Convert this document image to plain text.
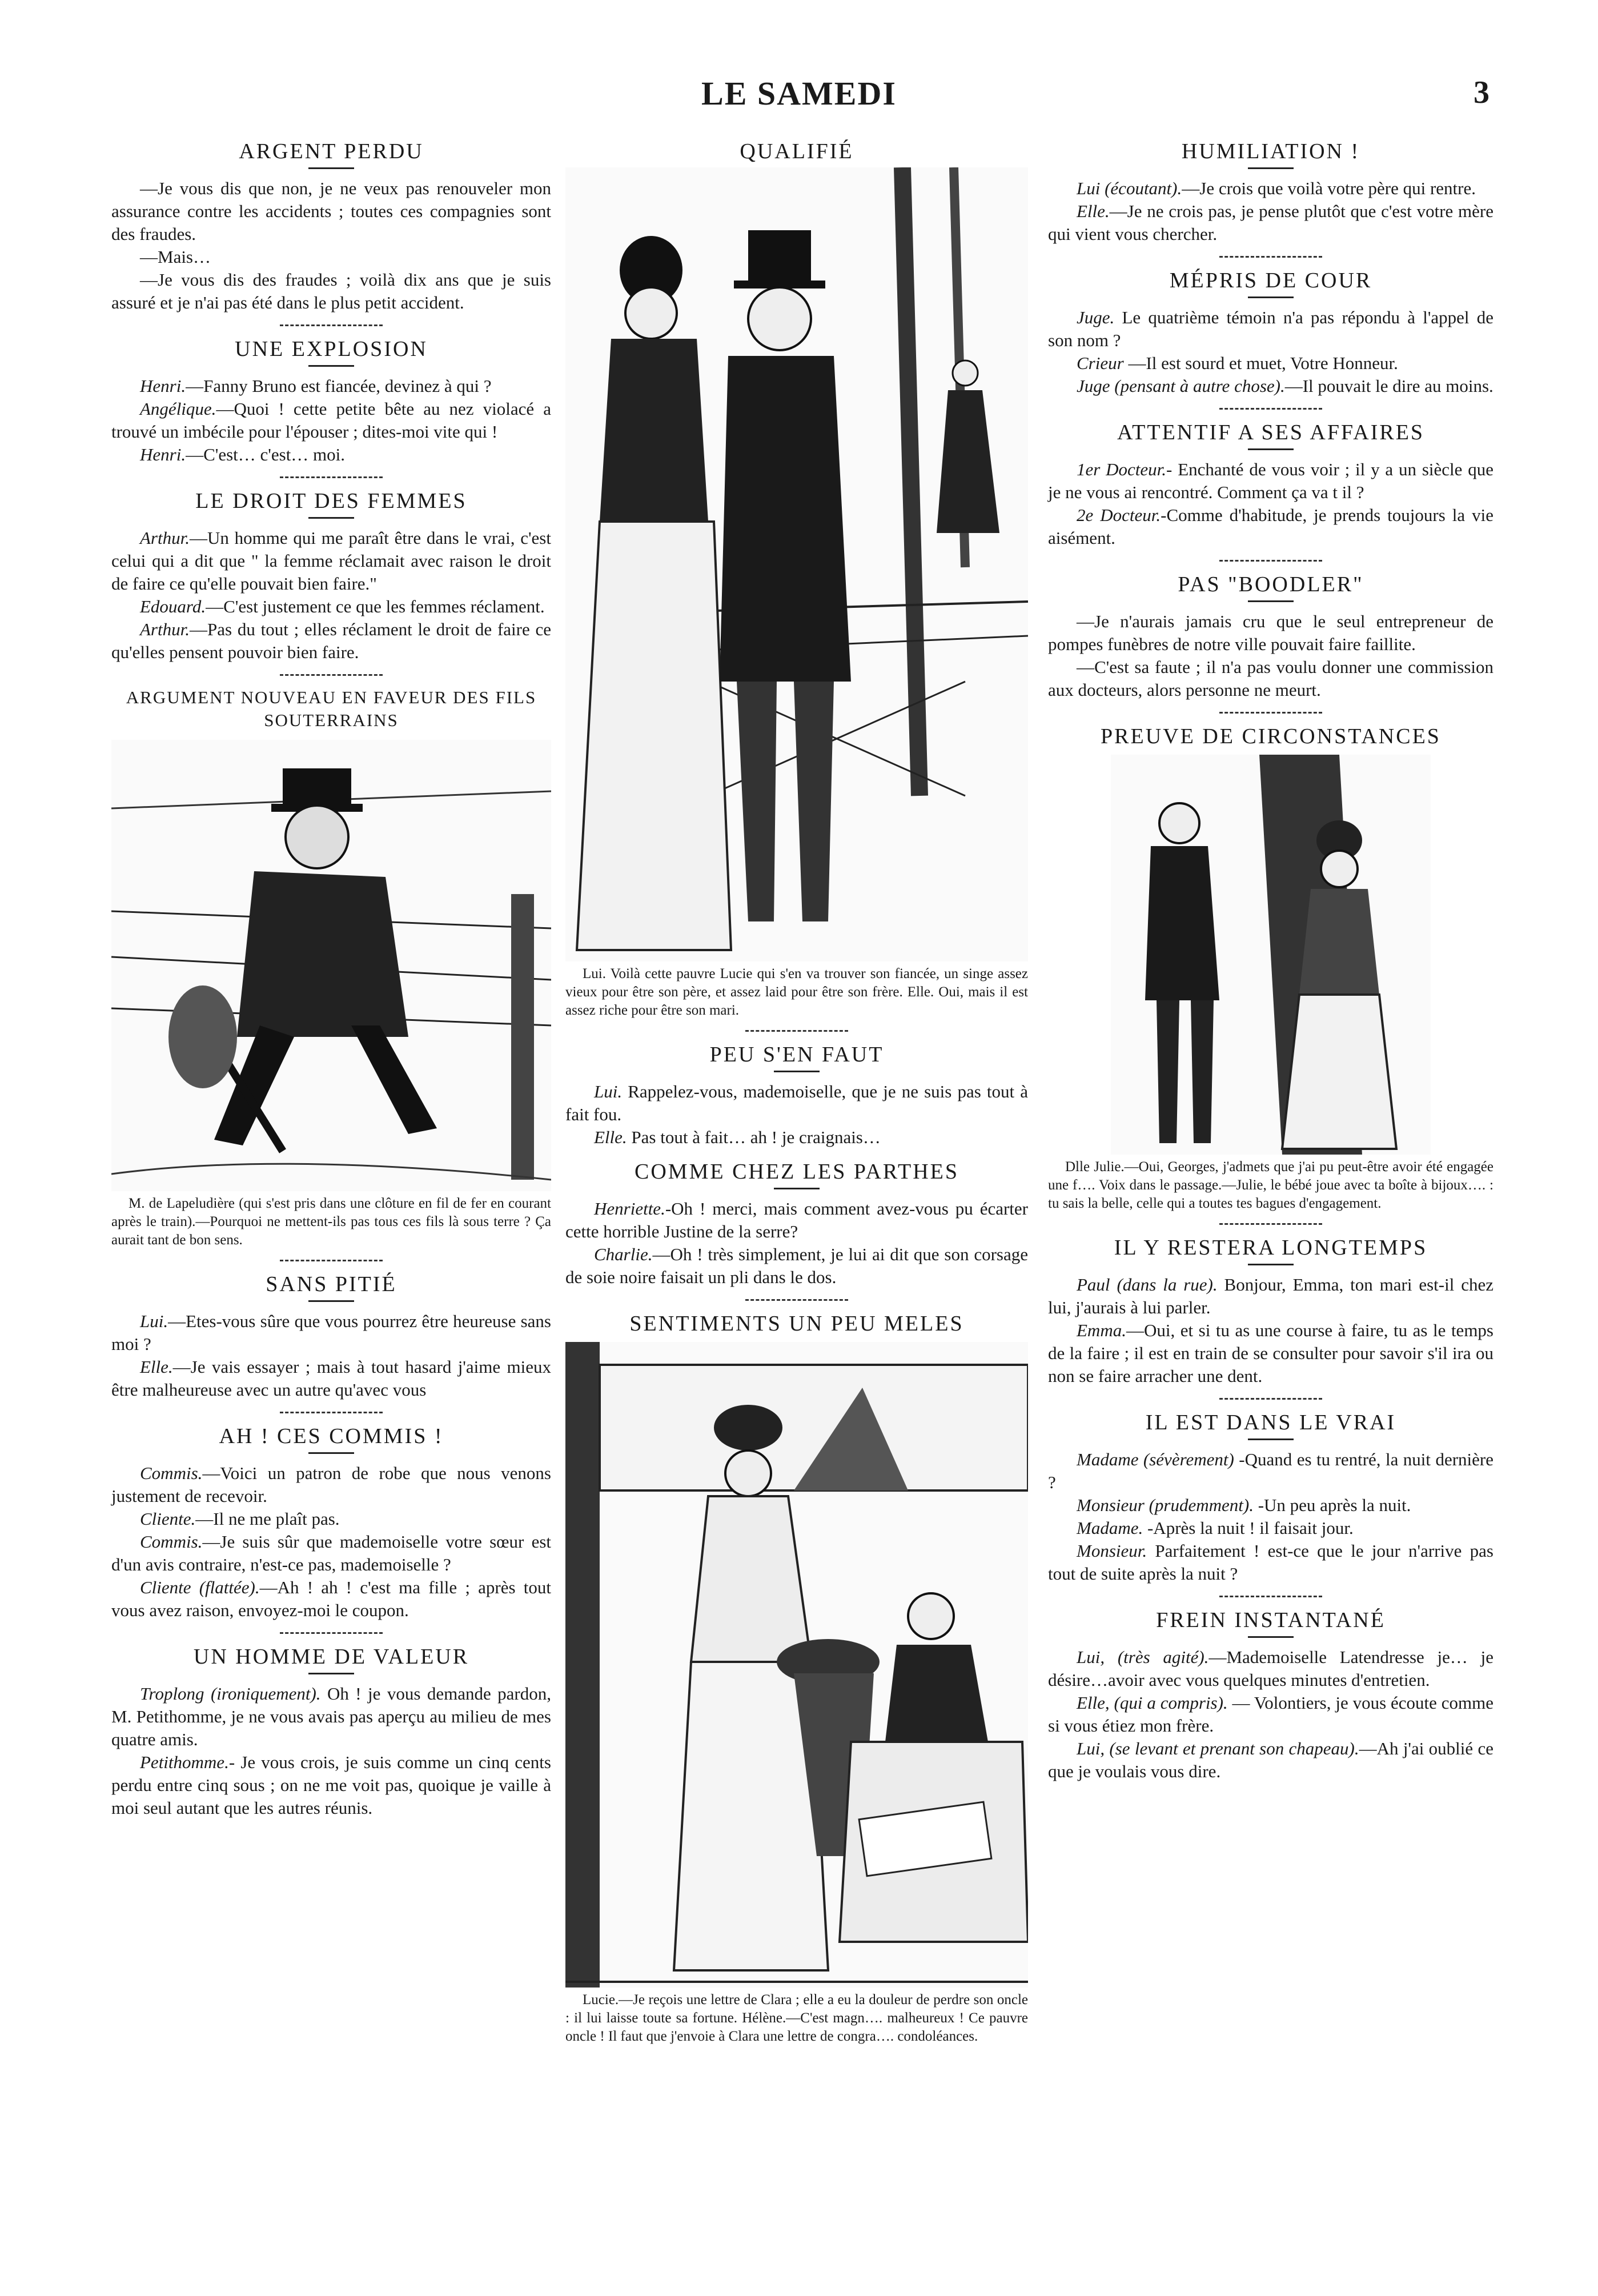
LE SAMEDI	3
ARGENT PERDU

—Je vous dis que non, je ne veux pas renouveler mon assurance contre les accidents ; toutes ces compagnies sont des fraudes.

—Mais…

—Je vous dis des fraudes ; voilà dix ans que je suis assuré et je n'ai pas été dans le plus petit accident.

UNE EXPLOSION

Henri.—Fanny Bruno est fiancée, devinez à qui ?

Angélique.—Quoi ! cette petite bête au nez violacé a trouvé un imbécile pour l'épouser ; dites-moi vite qui !

Henri.—C'est… c'est… moi.

LE DROIT DES FEMMES

Arthur.—Un homme qui me paraît être dans le vrai, c'est celui qui a dit que " la femme réclamait avec raison le droit de faire ce qu'elle pouvait bien faire."

Edouard.—C'est justement ce que les femmes réclament.

Arthur.—Pas du tout ; elles réclament le droit de faire ce qu'elles pensent pouvoir bien faire.

ARGUMENT NOUVEAU EN FAVEUR DES FILS SOUTERRAINS

M. de Lapeludière (qui s'est pris dans une clôture en fil de fer en courant après le train).—Pourquoi ne mettent-ils pas tous ces fils là sous terre ? Ça aurait tant de bon sens.

SANS PITIÉ

Lui.—Etes-vous sûre que vous pourrez être heureuse sans moi ?

Elle.—Je vais essayer ; mais à tout hasard j'aime mieux être malheureuse avec un autre qu'avec vous

AH ! CES COMMIS !

Commis.—Voici un patron de robe que nous venons justement de recevoir.

Cliente.—Il ne me plaît pas.

Commis.—Je suis sûr que mademoiselle votre sœur est d'un avis contraire, n'est-ce pas, mademoiselle ?

Cliente (flattée).—Ah ! ah ! c'est ma fille ; après tout vous avez raison, envoyez-moi le coupon.

UN HOMME DE VALEUR

Troplong (ironiquement). Oh ! je vous demande pardon, M. Petithomme, je ne vous avais pas aperçu au milieu de mes quatre amis.

Petithomme.- Je vous crois, je suis comme un cinq cents perdu entre cinq sous ; on ne me voit pas, quoique je vaille à moi seul autant que les autres réunis.

QUALIFIÉ

Lui. Voilà cette pauvre Lucie qui s'en va trouver son fiancée, un singe assez vieux pour être son père, et assez laid pour être son frère. Elle. Oui, mais il est assez riche pour être son mari.

PEU S'EN FAUT

Lui. Rappelez-vous, mademoiselle, que je ne suis pas tout à fait fou.

Elle. Pas tout à fait… ah ! je craignais…

COMME CHEZ LES PARTHES

Henriette.-Oh ! merci, mais comment avez-vous pu écarter cette horrible Justine de la serre?

Charlie.—Oh ! très simplement, je lui ai dit que son corsage de soie noire faisait un pli dans le dos.

SENTIMENTS UN PEU MELES

Lucie.—Je reçois une lettre de Clara ; elle a eu la douleur de perdre son oncle : il lui laisse toute sa fortune. Hélène.—C'est magn…. malheureux ! Ce pauvre oncle ! Il faut que j'envoie à Clara une lettre de congra…. condoléances.

HUMILIATION !

Lui (écoutant).—Je crois que voilà votre père qui rentre.

Elle.—Je ne crois pas, je pense plutôt que c'est votre mère qui vient vous chercher.

MÉPRIS DE COUR

Juge. Le quatrième témoin n'a pas répondu à l'appel de son nom ?

Crieur —Il est sourd et muet, Votre Honneur.

Juge (pensant à autre chose).—Il pouvait le dire au moins.

ATTENTIF A SES AFFAIRES

1er Docteur.- Enchanté de vous voir ; il y a un siècle que je ne vous ai rencontré. Comment ça va t il ?

2e Docteur.-Comme d'habitude, je prends toujours la vie aisément.

PAS "BOODLER"

—Je n'aurais jamais cru que le seul entrepreneur de pompes funèbres de notre ville pouvait faire faillite.

—C'est sa faute ; il n'a pas voulu donner une commission aux docteurs, alors personne ne meurt.

PREUVE DE CIRCONSTANCES

Dlle Julie.—Oui, Georges, j'admets que j'ai pu peut-être avoir été engagée une f…. Voix dans le passage.—Julie, le bébé joue avec ta boîte à bijoux…. : tu sais la belle, celle qui a toutes tes bagues d'engagement.

IL Y RESTERA LONGTEMPS

Paul (dans la rue). Bonjour, Emma, ton mari est-il chez lui, j'aurais à lui parler.

Emma.—Oui, et si tu as une course à faire, tu as le temps de la faire ; il est en train de se consulter pour savoir s'il ira ou non se faire arracher une dent.

IL EST DANS LE VRAI

Madame (sévèrement) -Quand es tu rentré, la nuit dernière ?

Monsieur (prudemment). -Un peu après la nuit.

Madame. -Après la nuit ! il faisait jour.

Monsieur. Parfaitement ! est-ce que le jour n'arrive pas tout de suite après la nuit ?

FREIN INSTANTANÉ

Lui, (très agité).—Mademoiselle Latendresse je… je désire…avoir avec vous quelques minutes d'entretien.

Elle, (qui a compris). — Volontiers, je vous écoute comme si vous étiez mon frère.

Lui, (se levant et prenant son chapeau).—Ah j'ai oublié ce que je voulais vous dire.
